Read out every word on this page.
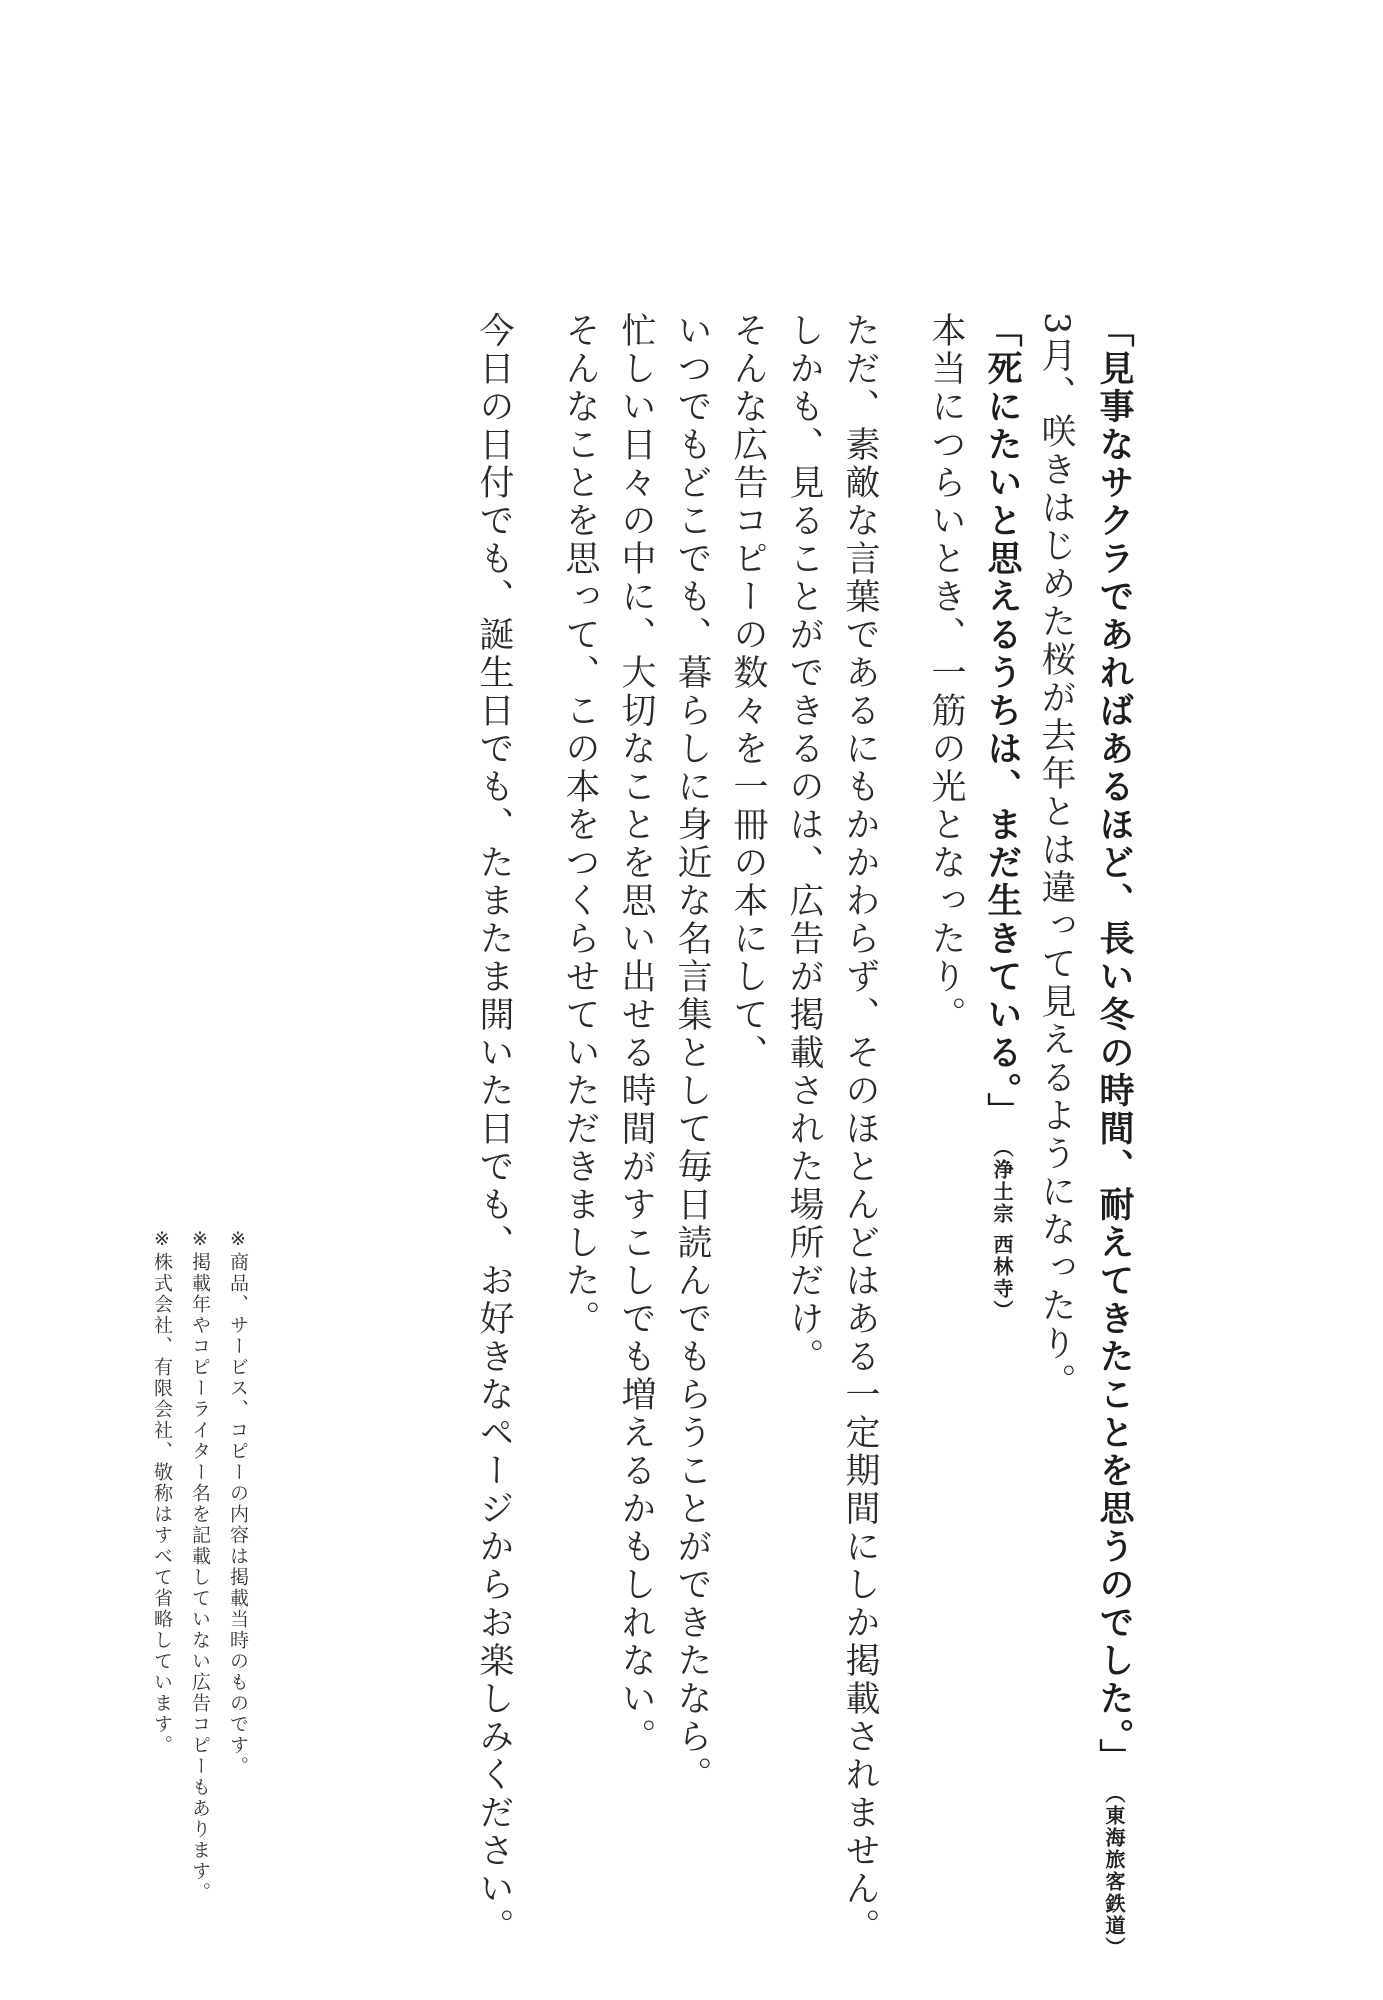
「見事なサクラであればあるほど、長い冬の時間、耐えてきたことを思うのでした。」（東海旅客鉄道）
3月、咲きはじめた桜が去年とは違って見えるようになったり。
「死にたいと思えるうちは、まだ生きている。」（浄土宗 西林寺）
本当につらいとき、一筋の光となったり。
ただ、素敵な言葉であるにもかかわらず、そのほとんどはある一定期間にしか掲載されません。
しかも、見ることができるのは、広告が掲載された場所だけ。
そんな広告コピーの数々を一冊の本にして、
いつでもどこでも、暮らしに身近な名言集として毎日読んでもらうことができたなら。
忙しい日々の中に、大切なことを思い出せる時間がすこしでも増えるかもしれない。
そんなことを思って、この本をつくらせていただきました。
今日の日付でも、誕生日でも、たまたま開いた日でも、お好きなページからお楽しみください。
※商品、サービス、コピーの内容は掲載当時のものです。
※掲載年やコピーライター名を記載していない広告コピーもあります。
※株式会社、有限会社、敬称はすべて省略しています。
